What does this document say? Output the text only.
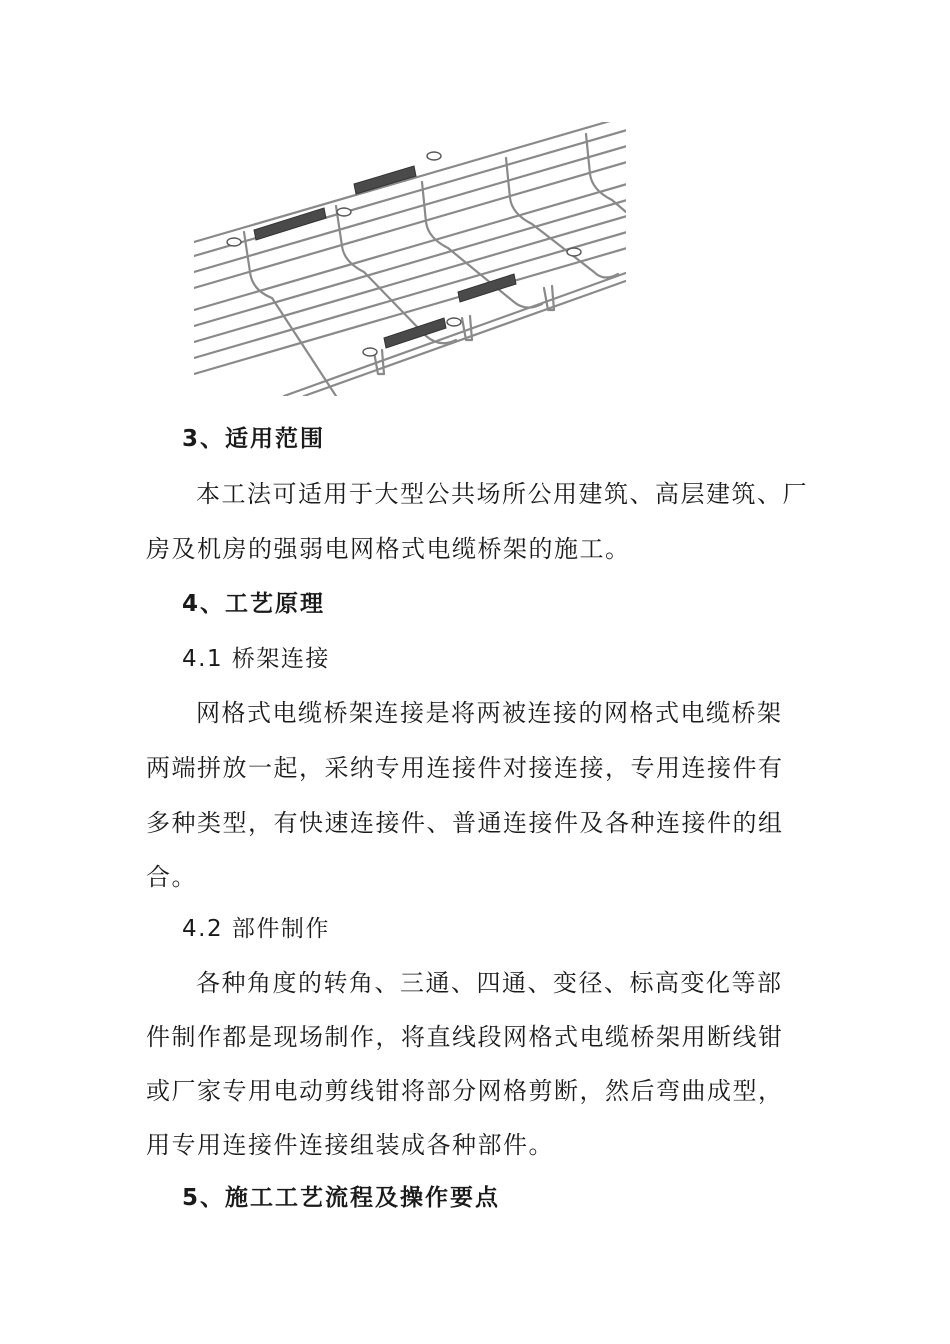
3、适用范围
本工法可适用于大型公共场所公用建筑、高层建筑、厂
房及机房的强弱电网格式电缆桥架的施工。
4、工艺原理
4.1 桥架连接
网格式电缆桥架连接是将两被连接的网格式电缆桥架
两端拼放一起，采纳专用连接件对接连接，专用连接件有
多种类型，有快速连接件、普通连接件及各种连接件的组
合。
4.2 部件制作
各种角度的转角、三通、四通、变径、标高变化等部
件制作都是现场制作，将直线段网格式电缆桥架用断线钳
或厂家专用电动剪线钳将部分网格剪断，然后弯曲成型，
用专用连接件连接组装成各种部件。
5、施工工艺流程及操作要点
